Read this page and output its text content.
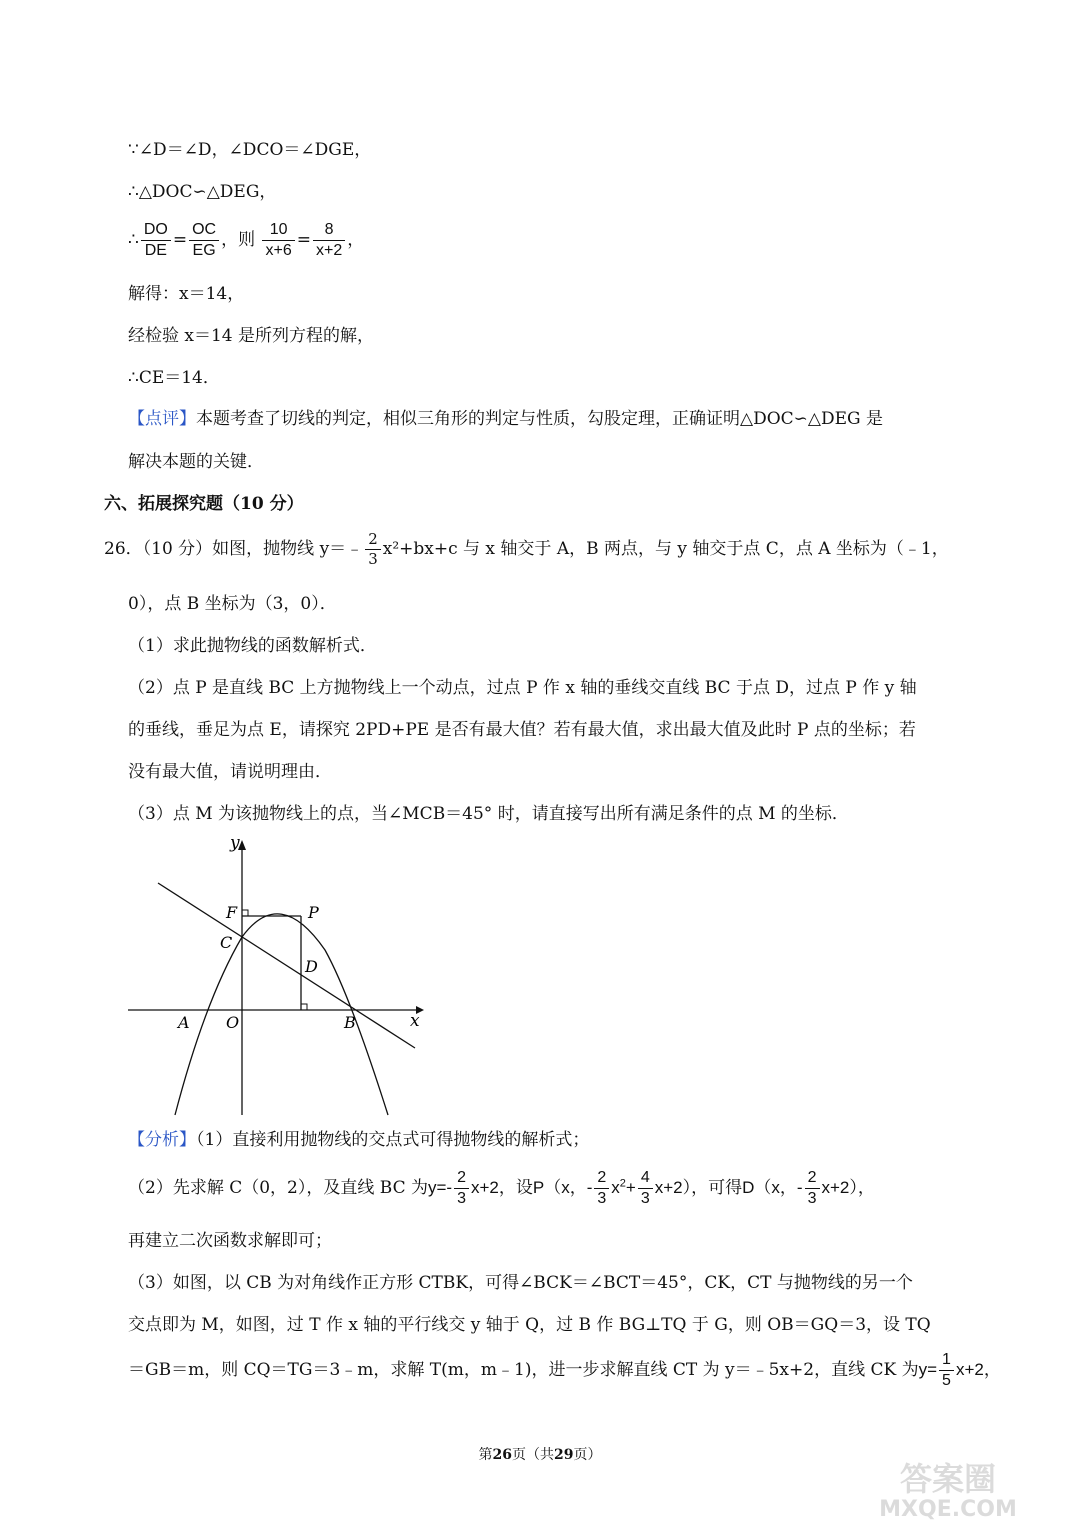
∵∠D＝∠D，∠DCO＝∠DGE，
∴△DOC∽△DEG，
∴ $\frac{DO}{DE} = \frac{OC}{EG}$ ，则 $\frac{10}{x+6} = \frac{8}{x+2}$ ，
解得：x＝14，
经检验 x＝14 是所列方程的解，
∴CE＝14．
【点评】本题考查了切线的判定，相似三角形的判定与性质，勾股定理，正确证明△DOC∽△DEG 是
解决本题的关键．
六、拓展探究题（10 分）
26．（10 分）如图，抛物线 y＝﹣ $\frac{2}{3} x^2+bx+c$ 与 x 轴交于 A，B 两点，与 y 轴交于点 C，点 A 坐标为（﹣1，
0），点 B 坐标为（3，0）．
（1）求此抛物线的函数解析式．
（2）点 P 是直线 BC 上方抛物线上一个动点，过点 P 作 x 轴的垂线交直线 BC 于点 D，过点 P 作 y 轴
的垂线，垂足为点 E，请探究 2PD+PE 是否有最大值？若有最大值，求出最大值及此时 P 点的坐标；若
没有最大值，请说明理由．
（3）点 M 为该抛物线上的点，当∠MCB＝45° 时，请直接写出所有满足条件的点 M 的坐标．
y
x
F	P
C
D
A O	B
【分析】（1）直接利用抛物线的交点式可得抛物线的解析式；
（2）先求解 C（0，2），及直线 BC 为$y=- \frac{2}{3} x+2$，设P（x，- $\frac{2}{3} x^2+ \frac{4}{3} x+2$），可得D（x，- $\frac{2}{3} x+2$），
再建立二次函数求解即可；
（3）如图，以 CB 为对角线作正方形 CTBK，可得∠BCK＝∠BCT＝45°，CK，CT 与抛物线的另一个
交点即为 M，如图，过 T 作 x 轴的平行线交 y 轴于 Q，过 B 作 BG⊥TQ 于 G，则 OB＝GQ＝3，设 TQ
＝GB＝m，则 CQ＝TG＝3﹣m，求解 T(m，m﹣1)，进一步求解直线 CT 为 y＝﹣5x+2，直线 CK 为$y= \frac{1}{5} x+2$，
第26页（共29页）
答案圈
MXQE.COM
